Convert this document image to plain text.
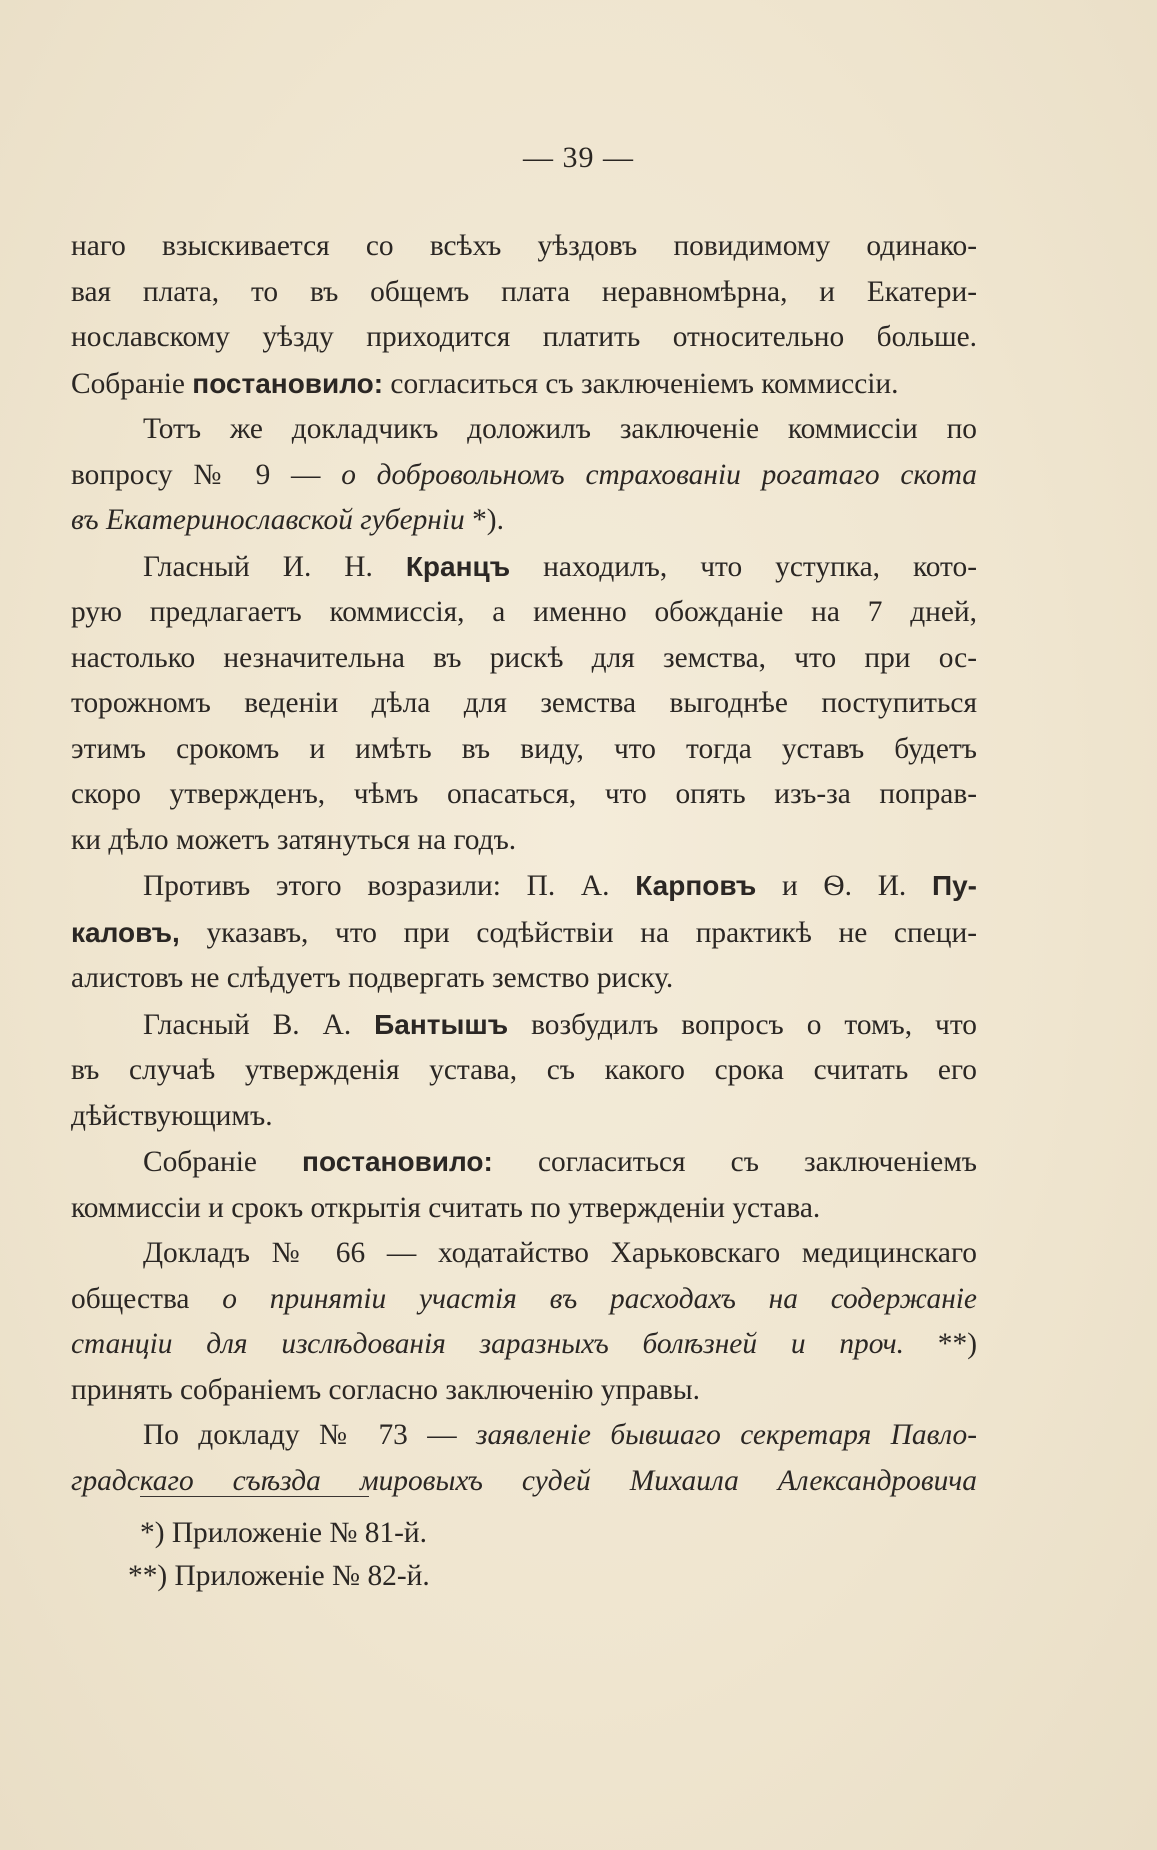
— 39 —

наго взыскивается со всѣхъ уѣздовъ повидимому одинако-

вая плата, то въ общемъ плата неравномѣрна, и Екатери-

нославскому уѣзду приходится платить относительно больше.

Собраніе постановило: согласиться съ заключеніемъ коммиссіи.

Тотъ же докладчикъ доложилъ заключеніе коммиссіи по

вопросу № 9 — о добровольномъ страхованіи рогатаго скота

въ Екатеринославской губерніи *).

Гласный И. Н. Кранцъ находилъ, что уступка, кото-

рую предлагаетъ коммиссія, а именно обожданіе на 7 дней,

настолько незначительна въ рискѣ для земства, что при ос-

торожномъ веденіи дѣла для земства выгоднѣе поступиться

этимъ срокомъ и имѣть въ виду, что тогда уставъ будетъ

скоро утвержденъ, чѣмъ опасаться, что опять изъ-за поправ-

ки дѣло можетъ затянуться на годъ.

Противъ этого возразили: П. А. Карповъ и Ѳ. И. Пу-

каловъ, указавъ, что при содѣйствіи на практикѣ не специ-

алистовъ не слѣдуетъ подвергать земство риску.

Гласный В. А. Бантышъ возбудилъ вопросъ о томъ, что

въ случаѣ утвержденія устава, съ какого срока считать его

дѣйствующимъ.

Собраніе постановило: согласиться съ заключеніемъ

коммиссіи и срокъ открытія считать по утвержденіи устава.

Докладъ № 66 — ходатайство Харьковскаго медицинскаго

общества о принятіи участія въ расходахъ на содержаніе

станціи для изслѣдованія заразныхъ болѣзней и проч. **)

принять собраніемъ согласно заключенію управы.

По докладу № 73 — заявленіе бывшаго секретаря Павло-

градскаго съѣзда мировыхъ судей Михаила Александровича

*) Приложеніе № 81-й.
**) Приложеніе № 82-й.
